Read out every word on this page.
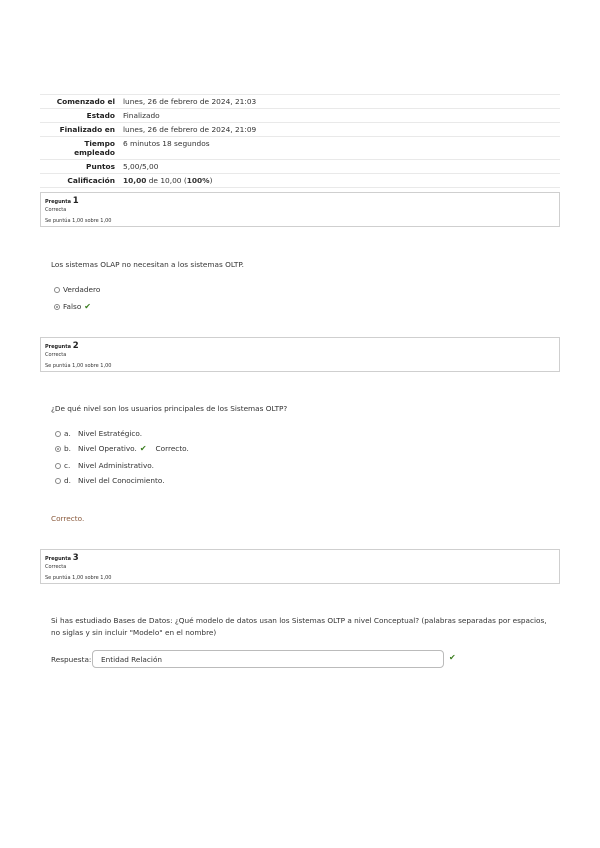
Comenzado el	lunes, 26 de febrero de 2024, 21:03
Estado	Finalizado
Finalizado en	lunes, 26 de febrero de 2024, 21:09
Tiempo empleado	6 minutos 18 segundos
Puntos	5,00/5,00
Calificación	10,00 de 10,00 (100%)
Pregunta 1
Correcta
Se puntúa 1,00 sobre 1,00
Los sistemas OLAP no necesitan a los sistemas OLTP.
Verdadero
Falso ✔
Pregunta 2
Correcta
Se puntúa 1,00 sobre 1,00
¿De qué nivel son los usuarios principales de los Sistemas OLTP?
a. Nivel Estratégico.
b. Nivel Operativo. ✔ Correcto.
c.	Nivel Administrativo.
d. Nivel del Conocimiento.
Correcto.
Pregunta 3
Correcta
Se puntúa 1,00 sobre 1,00
Si has estudiado Bases de Datos: ¿Qué modelo de datos usan los Sistemas OLTP a nivel Conceptual? (palabras separadas por espacios,
no siglas y sin incluir "Modelo" en el nombre)
Respuesta:	Entidad Relación	✔
